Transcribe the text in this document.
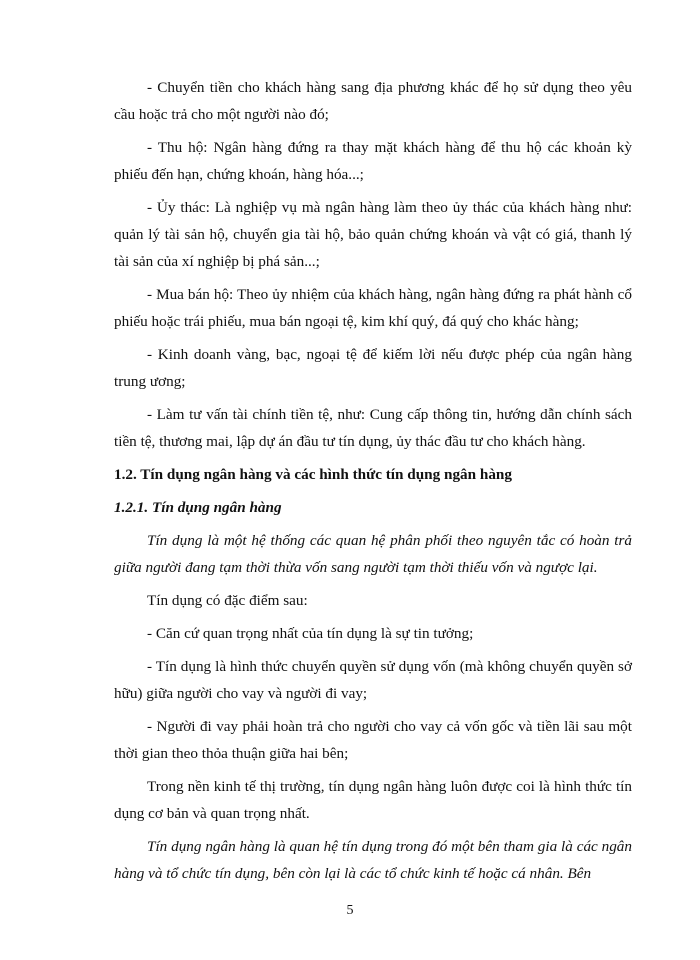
- Chuyển tiền cho khách hàng sang địa phương khác để họ sử dụng theo yêu cầu hoặc trả cho một người nào đó;

- Thu hộ: Ngân hàng đứng ra thay mặt khách hàng để thu hộ các khoản kỳ phiếu đến hạn, chứng khoán, hàng hóa...;

- Ủy thác: Là nghiệp vụ mà ngân hàng làm theo ủy thác của khách hàng như: quản lý tài sản hộ, chuyển gia tài hộ, bảo quản chứng khoán và vật có giá, thanh lý tài sản của xí nghiệp bị phá sản...;

- Mua bán hộ: Theo ủy nhiệm của khách hàng, ngân hàng đứng ra phát hành cổ phiếu hoặc trái phiếu, mua bán ngoại tệ, kim khí quý, đá quý cho khác hàng;

- Kinh doanh vàng, bạc, ngoại tệ để kiếm lời nếu được phép của ngân hàng trung ương;

- Làm tư vấn tài chính tiền tệ, như: Cung cấp thông tin, hướng dẫn chính sách tiền tệ, thương mai, lập dự án đầu tư tín dụng, ủy thác đầu tư cho khách hàng.

1.2. Tín dụng ngân hàng và các hình thức tín dụng ngân hàng
1.2.1. Tín dụng ngân hàng

Tín dụng là một hệ thống các quan hệ phân phối theo nguyên tắc có hoàn trả giữa người đang tạm thời thừa vốn sang người tạm thời thiếu vốn và ngược lại.

Tín dụng có đặc điểm sau:

- Căn cứ quan trọng nhất của tín dụng là sự tin tưởng;

- Tín dụng là hình thức chuyển quyền sử dụng vốn (mà không chuyển quyền sở hữu) giữa người cho vay và người đi vay;

- Người đi vay phải hoàn trả cho người cho vay cả vốn gốc và tiền lãi sau một thời gian theo thỏa thuận giữa hai bên;

Trong nền kinh tế thị trường, tín dụng ngân hàng luôn được coi là hình thức tín dụng cơ bản và quan trọng nhất.

Tín dụng ngân hàng là quan hệ tín dụng trong đó một bên tham gia là các ngân hàng và tổ chức tín dụng, bên còn lại là các tổ chức kinh tế hoặc cá nhân. Bên

5
